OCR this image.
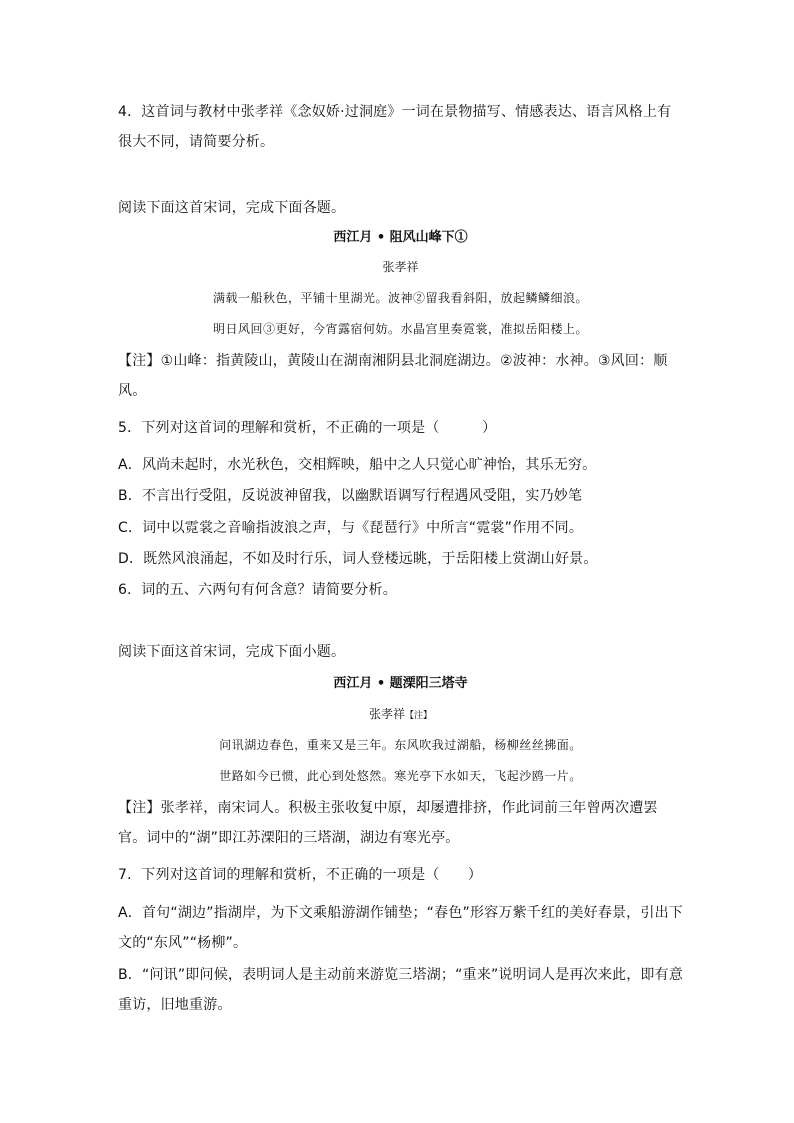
4．这首词与教材中张孝祥《念奴娇·过洞庭》一词在景物描写、情感表达、语言风格上有很大不同，请简要分析。
阅读下面这首宋词，完成下面各题。
西江月 • 阻风山峰下①
张孝祥
满载一船秋色，平铺十里湖光。波神②留我看斜阳，放起鳞鳞细浪。
明日风回③更好，今宵露宿何妨。水晶宫里奏霓裳，准拟岳阳楼上。
【注】①山峰：指黄陵山，黄陵山在湖南湘阴县北洞庭湖边。②波神：水神。③风回：顺风。
5．下列对这首词的理解和赏析，不正确的一项是（　　　）
A．风尚未起时，水光秋色，交相辉映，船中之人只觉心旷神怡，其乐无穷。
B．不言出行受阻，反说波神留我，以幽默语调写行程遇风受阻，实乃妙笔
C．词中以霓裳之音喻指波浪之声，与《琵琶行》中所言“霓裳”作用不同。
D．既然风浪涌起，不如及时行乐，词人登楼远眺，于岳阳楼上赏湖山好景。
6．词的五、六两句有何含意？请简要分析。
阅读下面这首宋词，完成下面小题。
西江月 • 题溧阳三塔寺
张孝祥【注】
问讯湖边春色，重来又是三年。东风吹我过湖船，杨柳丝丝拂面。
世路如今已惯，此心到处悠然。寒光亭下水如天，飞起沙鸥一片。
【注】张孝祥，南宋词人。积极主张收复中原，却屡遭排挤，作此词前三年曾两次遭罢官。词中的“湖”即江苏溧阳的三塔湖，湖边有寒光亭。
7．下列对这首词的理解和赏析，不正确的一项是（　　）
A．首句“湖边”指湖岸，为下文乘船游湖作铺垫；“春色”形容万紫千红的美好春景，引出下文的“东风”“杨柳”。
B．“问讯”即问候，表明词人是主动前来游览三塔湖；“重来”说明词人是再次来此，即有意重访，旧地重游。
